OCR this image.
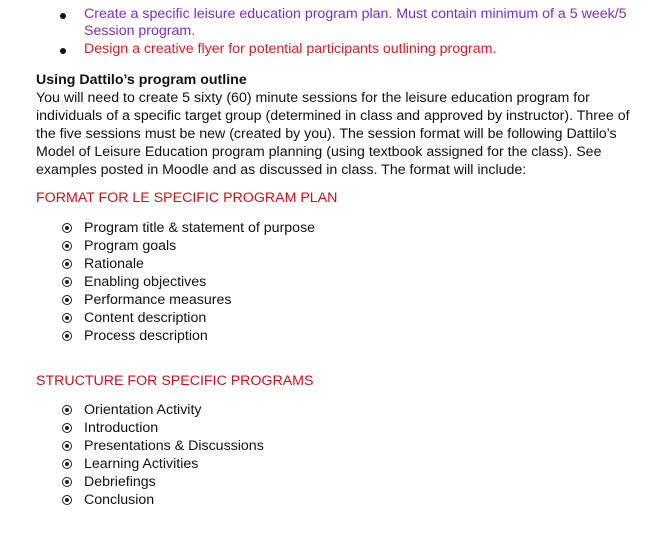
Create a specific leisure education program plan. Must contain minimum of a 5 week/5 Session program.
Design a creative flyer for potential participants outlining program.
Using Dattilo’s program outline
You will need to create 5 sixty (60) minute sessions for the leisure education program for individuals of a specific target group (determined in class and approved by instructor). Three of the five sessions must be new (created by you). The session format will be following Dattilo’s Model of Leisure Education program planning (using textbook assigned for the class). See examples posted in Moodle and as discussed in class. The format will include:
FORMAT FOR LE SPECIFIC PROGRAM PLAN
Program title & statement of purpose
Program goals
Rationale
Enabling objectives
Performance measures
Content description
Process description
STRUCTURE FOR SPECIFIC PROGRAMS
Orientation Activity
Introduction
Presentations & Discussions
Learning Activities
Debriefings
Conclusion
